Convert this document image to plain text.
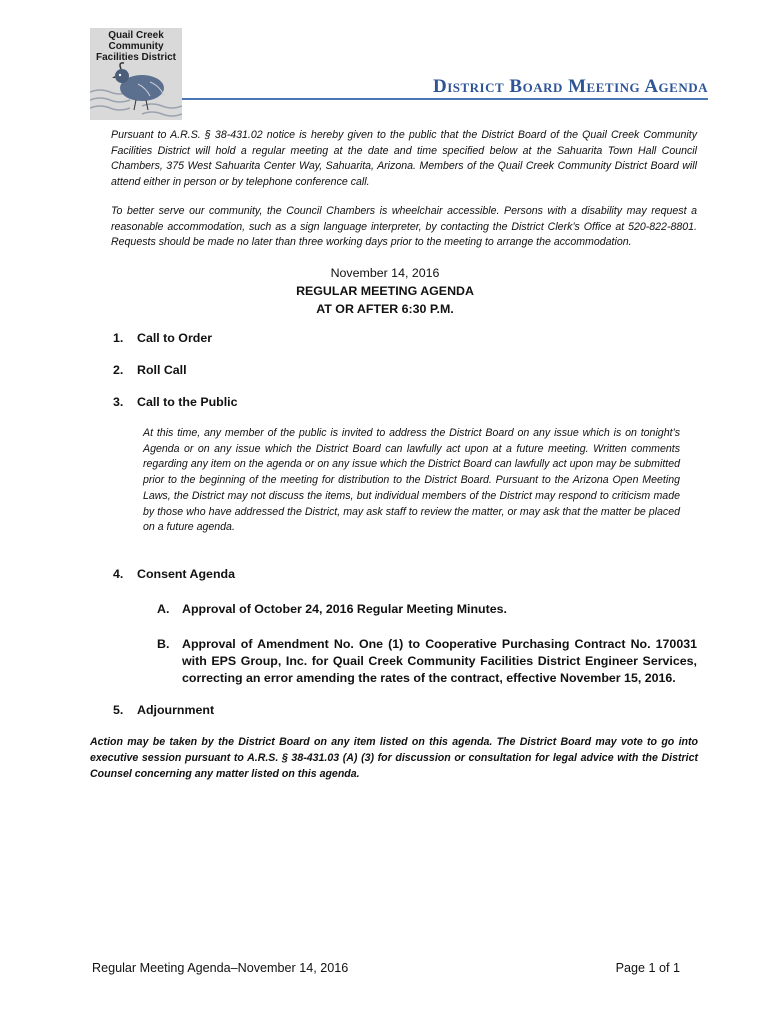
Quail Creek
Community
Facilities District
District Board Meeting Agenda

Pursuant to A.R.S. § 38-431.02 notice is hereby given to the public that the District Board of the Quail Creek Community Facilities District will hold a regular meeting at the date and time specified below at the Sahuarita Town Hall Council Chambers, 375 West Sahuarita Center Way, Sahuarita, Arizona. Members of the Quail Creek Community District Board will attend either in person or by telephone conference call.

To better serve our community, the Council Chambers is wheelchair accessible. Persons with a disability may request a reasonable accommodation, such as a sign language interpreter, by contacting the District Clerk’s Office at 520-822-8801. Requests should be made no later than three working days prior to the meeting to arrange the accommodation.

November 14, 2016
REGULAR MEETING AGENDA
AT OR AFTER 6:30 P.M.
1. Call to Order
2. Roll Call
3. Call to the Public

At this time, any member of the public is invited to address the District Board on any issue which is on tonight’s Agenda or on any issue which the District Board can lawfully act upon at a future meeting. Written comments regarding any item on the agenda or on any issue which the District Board can lawfully act upon may be submitted prior to the beginning of the meeting for distribution to the District Board. Pursuant to the Arizona Open Meeting Laws, the District may not discuss the items, but individual members of the District may respond to criticism made by those who have addressed the District, may ask staff to review the matter, or may ask that the matter be placed on a future agenda.

4. Consent Agenda
A. Approval of October 24, 2016 Regular Meeting Minutes.
B. Approval of Amendment No. One (1) to Cooperative Purchasing Contract No. 170031 with EPS Group, Inc. for Quail Creek Community Facilities District Engineer Services, correcting an error amending the rates of the contract, effective November 15, 2016.
5. Adjournment

Action may be taken by the District Board on any item listed on this agenda. The District Board may vote to go into executive session pursuant to A.R.S. § 38-431.03 (A) (3) for discussion or consultation for legal advice with the District Counsel concerning any matter listed on this agenda.

Regular Meeting Agenda–November 14, 2016	Page 1 of 1
